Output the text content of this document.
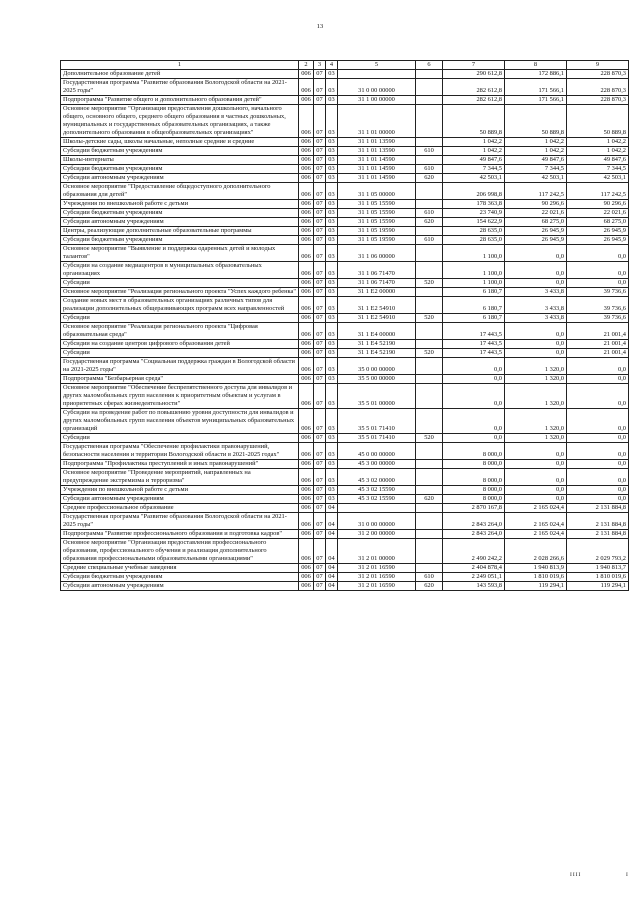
13
1	2	3	4	5	6	7	8	9
Дополнительное образование детей	006	07	03			290 612,8	172 886,1	228 870,3
Государственная программа "Развитие образования Вологодской области на 2021-2025 годы"	006	07	03	31 0 00 00000		282 612,8	171 566,1	228 870,3
Подпрограмма "Развитие общего и дополнительного образования детей"	006	07	03	31 1 00 00000		282 612,8	171 566,1	228 870,3
Основное мероприятие "Организация предоставления дошкольного, начального общего, основного общего, среднего общего образования в частных дошкольных, муниципальных и государственных образовательных организациях, а также дополнительного образования в общеобразовательных организациях"	006	07	03	31 1 01 00000		50 889,8	50 889,8	50 889,8
Школы-детские сады, школы начальные, неполные средние и средние	006	07	03	31 1 01 13590		1 042,2	1 042,2	1 042,2
Субсидии бюджетным учреждениям	006	07	03	31 1 01 13590	610	1 042,2	1 042,2	1 042,2
Школы-интернаты	006	07	03	31 1 01 14590		49 847,6	49 847,6	49 847,6
Субсидии бюджетным учреждениям	006	07	03	31 1 01 14590	610	7 344,5	7 344,5	7 344,5
Субсидии автономным учреждениям	006	07	03	31 1 01 14590	620	42 503,1	42 503,1	42 503,1
Основное мероприятие "Предоставление общедоступного дополнительного образования для детей"	006	07	03	31 1 05 00000		206 998,8	117 242,5	117 242,5
Учреждения по внешкольной работе с детьми	006	07	03	31 1 05 15590		178 363,8	90 296,6	90 296,6
Субсидии бюджетным учреждениям	006	07	03	31 1 05 15590	610	23 740,9	22 021,6	22 021,6
Субсидии автономным учреждениям	006	07	03	31 1 05 15590	620	154 622,9	68 275,0	68 275,0
Центры, реализующие дополнительные образовательные программы	006	07	03	31 1 05 19590		28 635,0	26 945,9	26 945,9
Субсидии бюджетным учреждениям	006	07	03	31 1 05 19590	610	28 635,0	26 945,9	26 945,9
Основное мероприятие "Выявление и поддержка одаренных детей и молодых талантов"	006	07	03	31 1 06 00000		1 100,0	0,0	0,0
Субсидии на создание медиацентров в муниципальных образовательных организациях	006	07	03	31 1 06 71470		1 100,0	0,0	0,0
Субсидии	006	07	03	31 1 06 71470	520	1 100,0	0,0	0,0
Основное мероприятие "Реализация регионального проекта "Успех каждого ребенка"	006	07	03	31 1 E2 00000		6 180,7	3 433,8	39 736,6
Создание новых мест в образовательных организациях различных типов для реализации дополнительных общеразвивающих программ всех направленностей	006	07	03	31 1 E2 54910		6 180,7	3 433,8	39 736,6
Субсидии	006	07	03	31 1 E2 54910	520	6 180,7	3 433,8	39 736,6
Основное мероприятие "Реализация регионального проекта "Цифровая образовательная среда"	006	07	03	31 1 E4 00000		17 443,5	0,0	21 001,4
Субсидии на создание центров цифрового образования детей	006	07	03	31 1 E4 52190		17 443,5	0,0	21 001,4
Субсидии	006	07	03	31 1 E4 52190	520	17 443,5	0,0	21 001,4
Государственная программа "Социальная поддержка граждан в Вологодской области на 2021-2025 годы"	006	07	03	35 0 00 00000		0,0	1 320,0	0,0
Подпрограмма "Безбарьерная среда"	006	07	03	35 5 00 00000		0,0	1 320,0	0,0
Основное мероприятие "Обеспечение беспрепятственного доступа для инвалидов и других маломобильных групп населения к приоритетным объектам и услугам в приоритетных сферах жизнедеятельности"	006	07	03	35 5 01 00000		0,0	1 320,0	0,0
Субсидии на проведение работ по повышению уровня доступности для инвалидов и других маломобильных групп населения объектов муниципальных образовательных организаций	006	07	03	35 5 01 71410		0,0	1 320,0	0,0
Субсидии	006	07	03	35 5 01 71410	520	0,0	1 320,0	0,0
Государственная программа "Обеспечение профилактики правонарушений, безопасности населения и территории Вологодской области в 2021-2025 годах"	006	07	03	45 0 00 00000		8 000,0	0,0	0,0
Подпрограмма "Профилактика преступлений и иных правонарушений"	006	07	03	45 3 00 00000		8 000,0	0,0	0,0
Основное мероприятие "Проведение мероприятий, направленных на предупреждение экстремизма и терроризма"	006	07	03	45 3 02 00000		8 000,0	0,0	0,0
Учреждения по внешкольной работе с детьми	006	07	03	45 3 02 15590		8 000,0	0,0	0,0
Субсидии автономным учреждениям	006	07	03	45 3 02 15590	620	8 000,0	0,0	0,0
Среднее профессиональное образование	006	07	04			2 870 167,8	2 165 024,4	2 131 884,8
Государственная программа "Развитие образования Вологодской области на 2021-2025 годы"	006	07	04	31 0 00 00000		2 843 264,0	2 165 024,4	2 131 884,8
Подпрограмма "Развитие профессионального образования и подготовка кадров"	006	07	04	31 2 00 00000		2 843 264,0	2 165 024,4	2 131 884,8
Основное мероприятие "Организация предоставления профессионального образования, профессионального обучения и реализация дополнительного образования профессиональными образовательными организациями"	006	07	04	31 2 01 00000		2 490 242,2	2 028 266,6	2 029 793,2
Средние специальные учебные заведения	006	07	04	31 2 01 16590		2 404 878,4	1 940 813,9	1 940 813,7
Субсидии бюджетным учреждениям	006	07	04	31 2 01 16590	610	2 249 051,1	1 810 019,6	1 810 019,6
Субсидии автономным учреждениям	006	07	04	31 2 01 16590	620	143 593,8	119 294,1	119 294,1
IIII	I
